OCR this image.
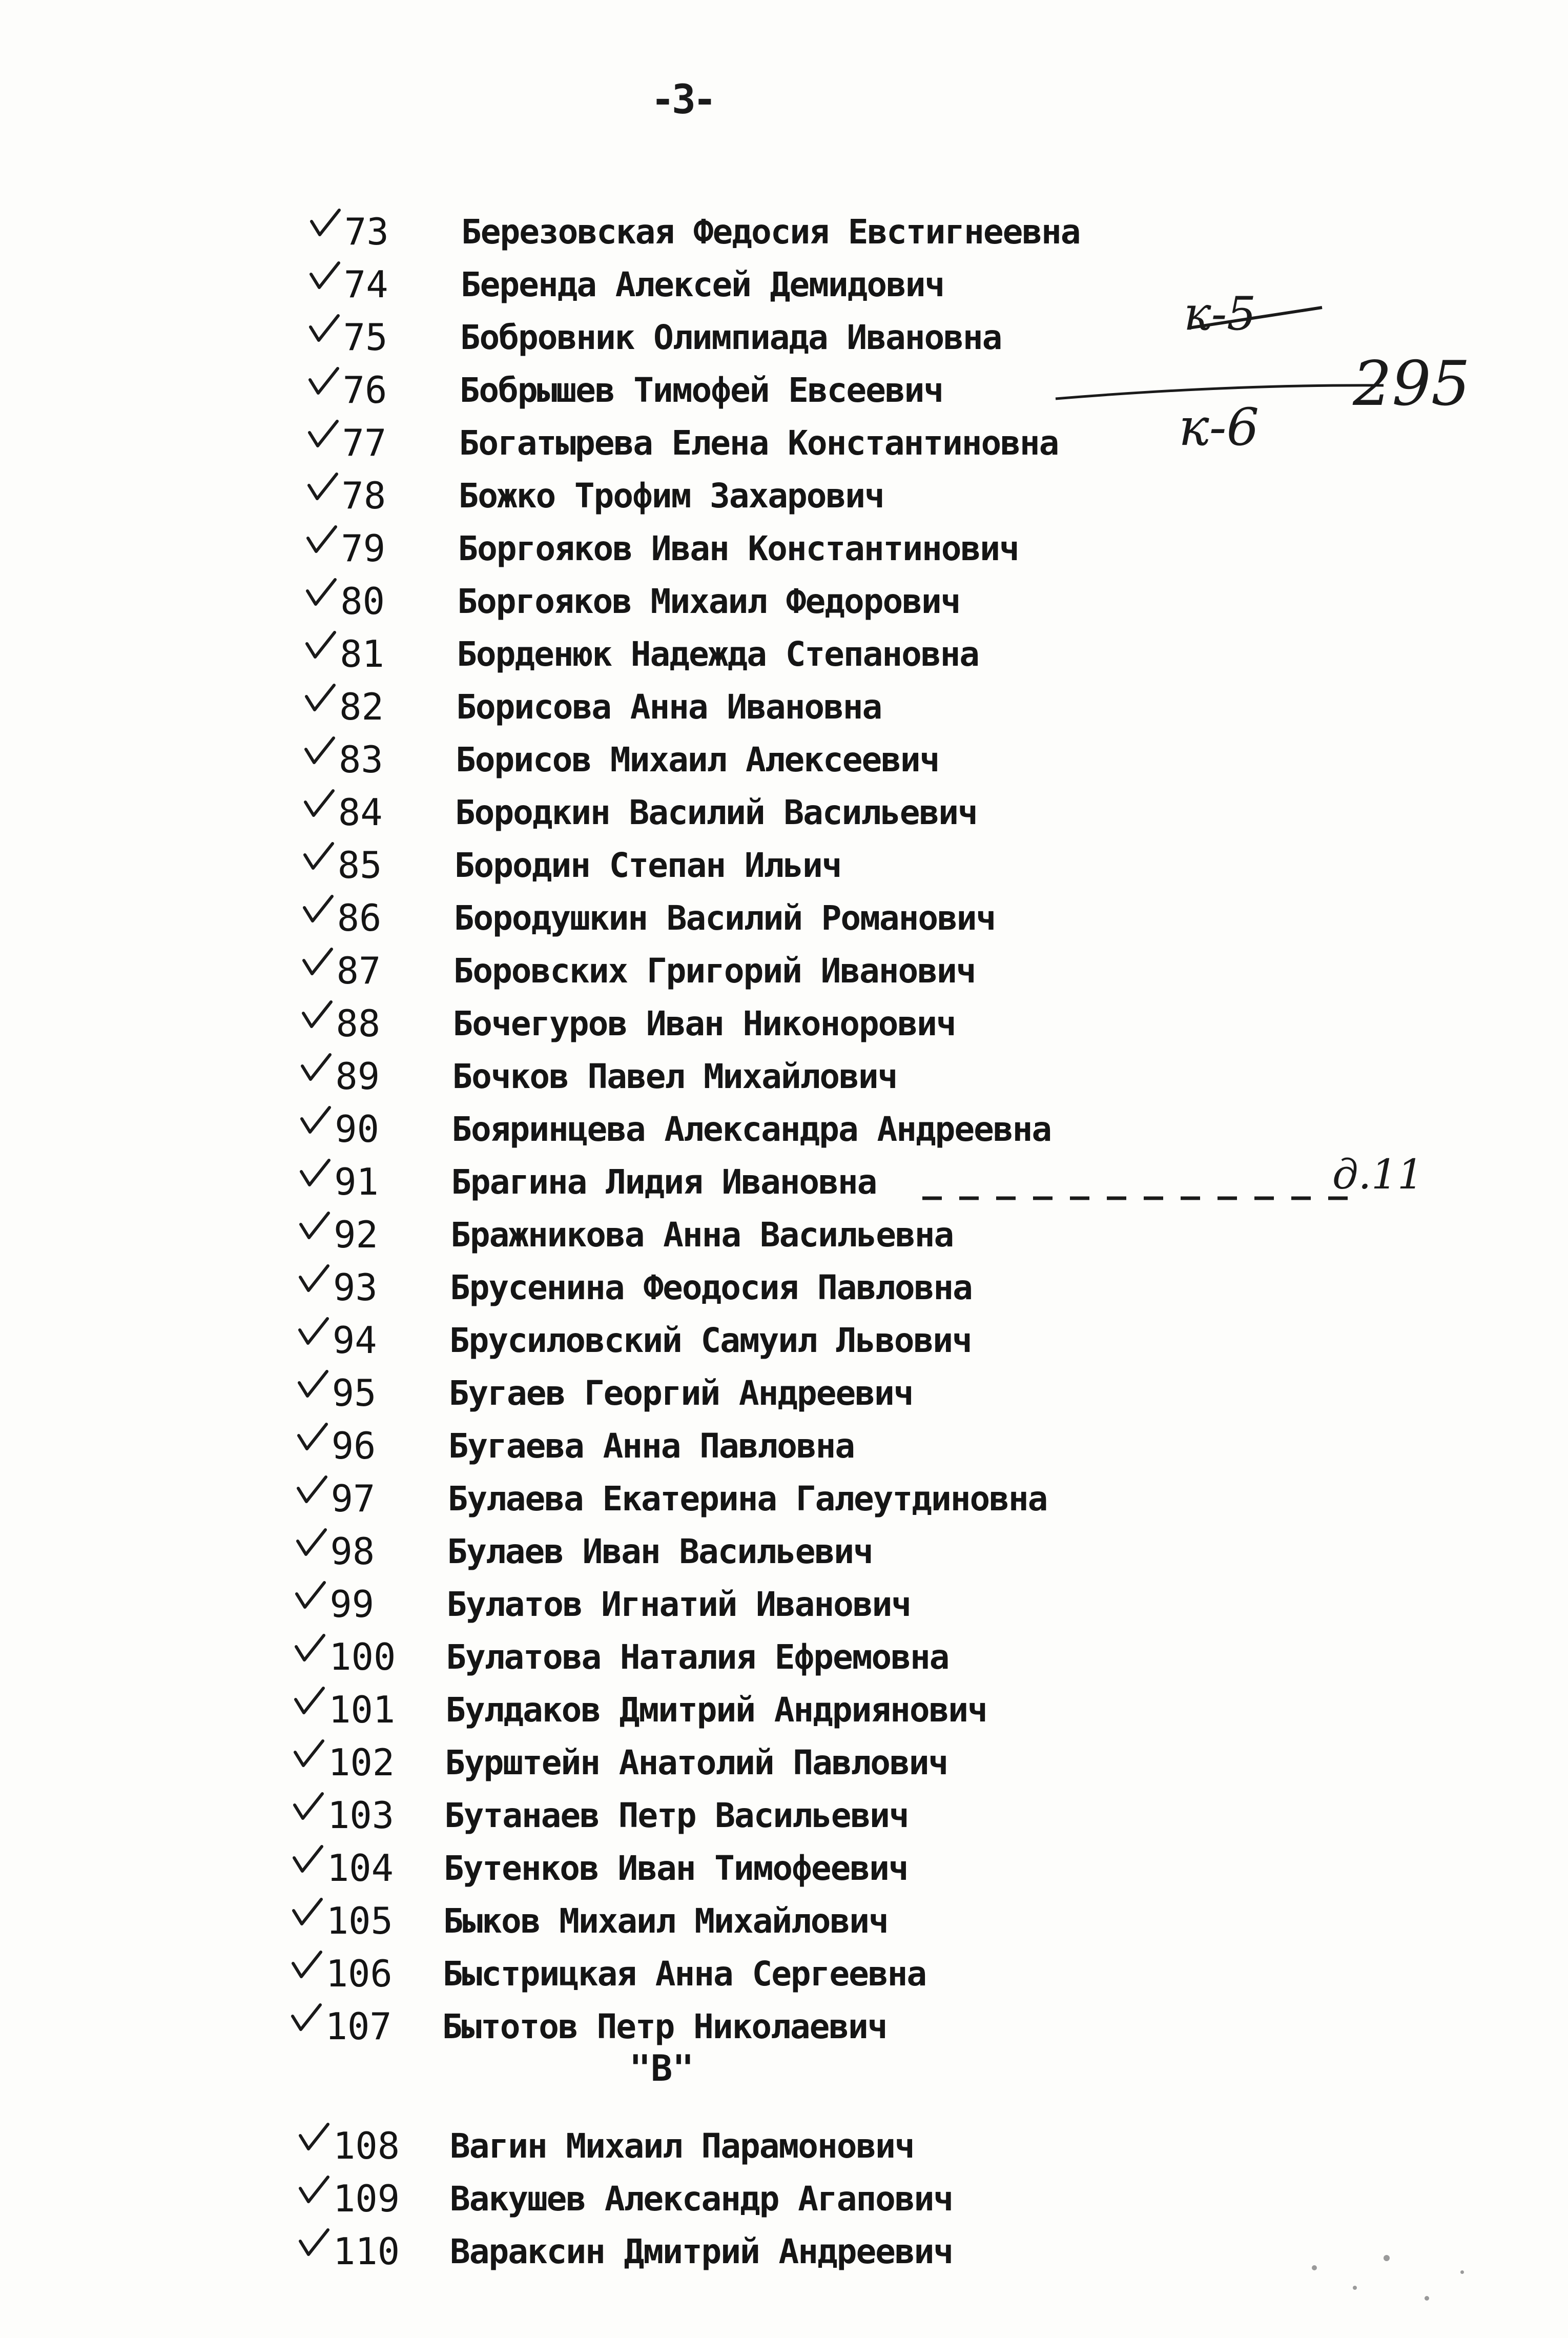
-3-
73 Березовская Федосия Евстигнеевна
74 Беренда Алексей Демидович
75 Бобровник Олимпиада Ивановна
76 Бобрышев Тимофей Евсеевич
77 Богатырева Елена Константиновна
78 Божко Трофим Захарович
79 Боргояков Иван Константинович
80 Боргояков Михаил Федорович
81 Борденюк Надежда Степановна
82 Борисова Анна Ивановна
83 Борисов Михаил Алексеевич
84 Бородкин Василий Васильевич
85 Бородин Степан Ильич
86 Бородушкин Василий Романович
87 Боровских Григорий Иванович
88 Бочегуров Иван Никонорович
89 Бочков Павел Михайлович
90 Бояринцева Александра Андреевна
91 Брагина Лидия Ивановна
92 Бражникова Анна Васильевна
93 Брусенина Феодосия Павловна
94 Брусиловский Самуил Львович
95 Бугаев Георгий Андреевич
96 Бугаева Анна Павловна
97 Булаева Екатерина Галеутдиновна
98 Булаев Иван Васильевич
99 Булатов Игнатий Иванович
100 Булатова Наталия Ефремовна
101 Булдаков Дмитрий Андриянович
102 Бурштейн Анатолий Павлович
103 Бутанаев Петр Васильевич
104 Бутенков Иван Тимофеевич
105 Быков Михаил Михайлович
106 Быстрицкая Анна Сергеевна
107 Бытотов Петр Николаевич
108 Вагин Михаил Парамонович
109 Вакушев Александр Агапович
110 Вараксин Дмитрий Андреевич
"В"
к-5
к-6
295
д.11
